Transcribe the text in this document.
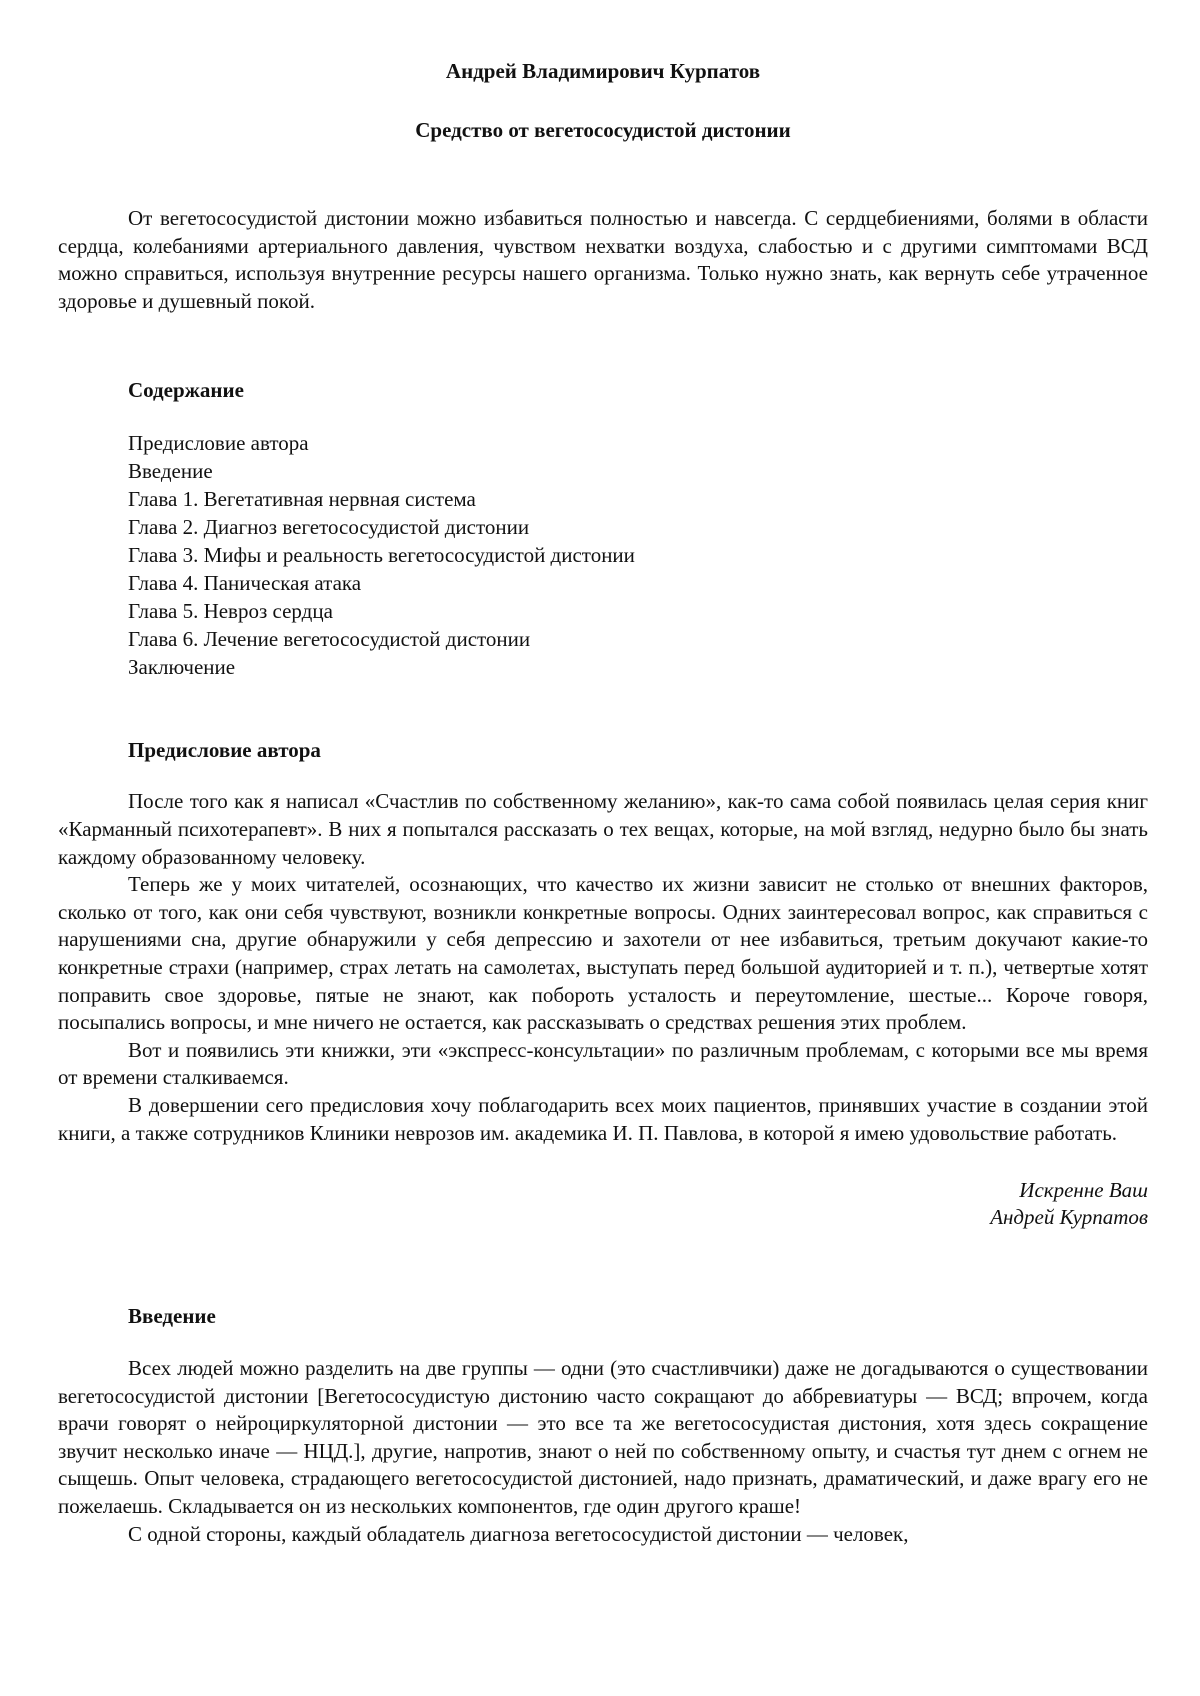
Андрей Владимирович Курпатов
Средство от вегетососудистой дистонии

От вегетососудистой дистонии можно избавиться полностью и навсегда. С сердцебиениями, болями в области сердца, колебаниями артериального давления, чувством нехватки воздуха, слабостью и с другими симптомами ВСД можно справиться, используя внутренние ресурсы нашего организма. Только нужно знать, как вернуть себе утраченное здоровье и душевный покой.

Содержание
Предисловие автора
Введение
Глава 1. Вегетативная нервная система
Глава 2. Диагноз вегетососудистой дистонии
Глава 3. Мифы и реальность вегетососудистой дистонии
Глава 4. Паническая атака
Глава 5. Невроз сердца
Глава 6. Лечение вегетососудистой дистонии
Заключение
Предисловие автора

После того как я написал «Счастлив по собственному желанию», как-то сама собой появилась целая серия книг «Карманный психотерапевт». В них я попытался рассказать о тех вещах, которые, на мой взгляд, недурно было бы знать каждому образованному человеку.

Теперь же у моих читателей, осознающих, что качество их жизни зависит не столько от внешних факторов, сколько от того, как они себя чувствуют, возникли конкретные вопросы. Одних заинтересовал вопрос, как справиться с нарушениями сна, другие обнаружили у себя депрессию и захотели от нее избавиться, третьим докучают какие-то конкретные страхи (например, страх летать на самолетах, выступать перед большой аудиторией и т. п.), четвертые хотят поправить свое здоровье, пятые не знают, как побороть усталость и переутомление, шестые... Короче говоря, посыпались вопросы, и мне ничего не остается, как рассказывать о средствах решения этих проблем.

Вот и появились эти книжки, эти «экспресс-консультации» по различным проблемам, с которыми все мы время от времени сталкиваемся.

В довершении сего предисловия хочу поблагодарить всех моих пациентов, принявших участие в создании этой книги, а также сотрудников Клиники неврозов им. академика И. П. Павлова, в которой я имею удовольствие работать.

Искренне Ваш
Андрей Курпатов
Введение

Всех людей можно разделить на две группы — одни (это счастливчики) даже не догадываются о существовании вегетососудистой дистонии [Вегетососудистую дистонию часто сокращают до аббревиатуры — ВСД; впрочем, когда врачи говорят о нейроциркуляторной дистонии — это все та же вегетососудистая дистония, хотя здесь сокращение звучит несколько иначе — НЦД.], другие, напротив, знают о ней по собственному опыту, и счастья тут днем с огнем не сыщешь. Опыт человека, страдающего вегетососудистой дистонией, надо признать, драматический, и даже врагу его не пожелаешь. Складывается он из нескольких компонентов, где один другого краше!

С одной стороны, каждый обладатель диагноза вегетососудистой дистонии — человек,
